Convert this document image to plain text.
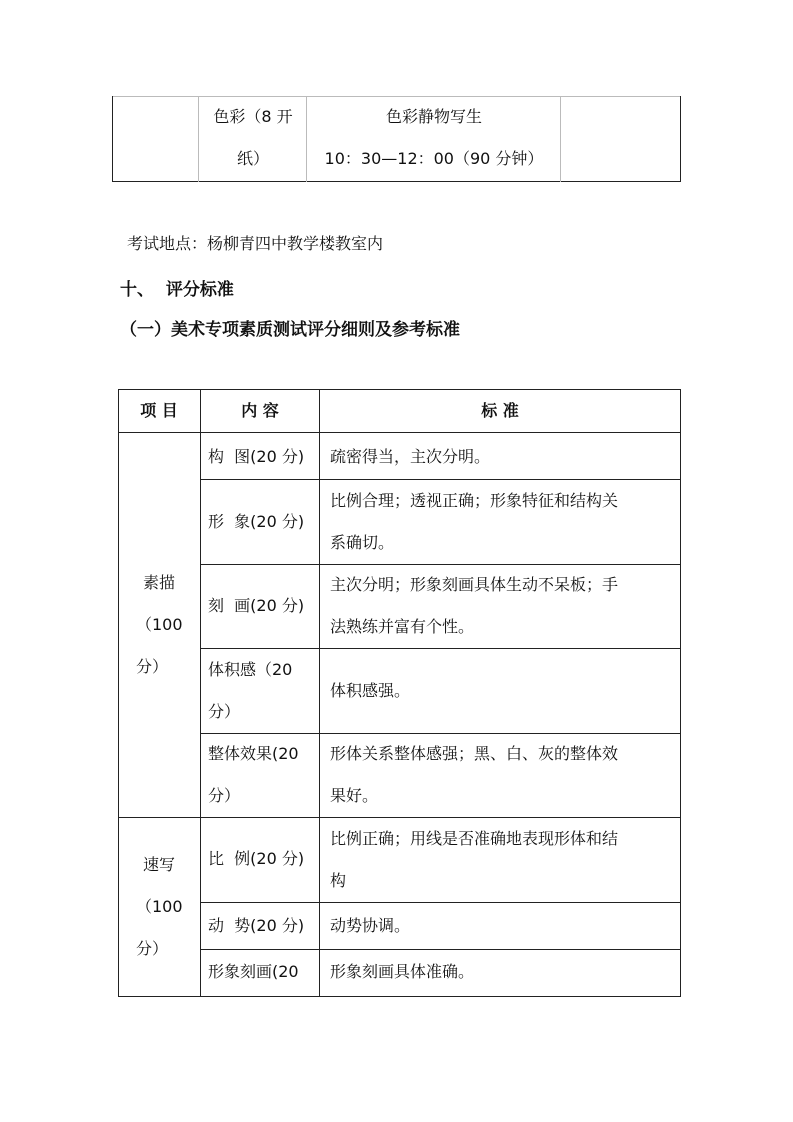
色彩（8 开
纸）
色彩静物写生
10：30—12：00（90 分钟）
考试地点：杨柳青四中教学楼教室内
十、  评分标准
（一）美术专项素质测试评分细则及参考标准
项 目	内 容	标 准
素描
（100
分）
构  图(20 分) 疏密得当，主次分明。
形  象(20 分)
比例合理；透视正确；形象特征和结构关
系确切。
刻  画(20 分)
主次分明；形象刻画具体生动不呆板；手
法熟练并富有个性。
体积感（20
分）
体积感强。
整体效果(20
分）
形体关系整体感强；黑、白、灰的整体效
果好。
速写
（100
分）
比  例(20 分)
比例正确；用线是否准确地表现形体和结
构
动  势(20 分) 动势协调。
形象刻画(20 形象刻画具体准确。
